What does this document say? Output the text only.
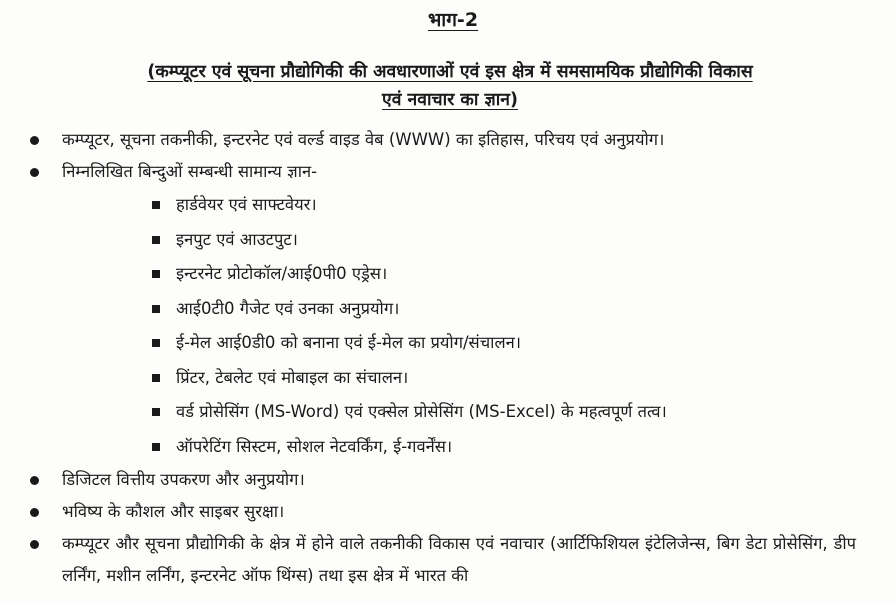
भाग-2
(कम्प्यूटर एवं सूचना प्रौद्योगिकी की अवधारणाओं एवं इस क्षेत्र में समसामयिक प्रौद्योगिकी विकास
एवं नवाचार का ज्ञान)
कम्प्यूटर, सूचना तकनीकी, इन्टरनेट एवं वर्ल्ड वाइड वेब (WWW) का इतिहास, परिचय एवं अनुप्रयोग।
निम्नलिखित बिन्दुओं सम्बन्धी सामान्य ज्ञान-
हार्डवेयर एवं साफ्टवेयर।
इनपुट एवं आउटपुट।
इन्टरनेट प्रोटोकॉल/आई0पी0 एड्रेस।
आई0टी0 गैजेट एवं उनका अनुप्रयोग।
ई-मेल आई0डी0 को बनाना एवं ई-मेल का प्रयोग/संचालन।
प्रिंटर, टेबलेट एवं मोबाइल का संचालन।
वर्ड प्रोसेसिंग (MS-Word) एवं एक्सेल प्रोसेसिंग (MS-Excel) के महत्वपूर्ण तत्व।
ऑपरेटिंग सिस्टम, सोशल नेटवर्किंग, ई-गवर्नेंस।
डिजिटल वित्तीय उपकरण और अनुप्रयोग।
भविष्य के कौशल और साइबर सुरक्षा।
कम्प्यूटर और सूचना प्रौद्योगिकी के क्षेत्र में होने वाले तकनीकी विकास एवं नवाचार (आर्टिफिशियल इंटेलिजेन्स, बिग डेटा प्रोसेसिंग, डीप लर्निंग, मशीन लर्निंग, इन्टरनेट ऑफ थिंग्स) तथा इस क्षेत्र में भारत की
